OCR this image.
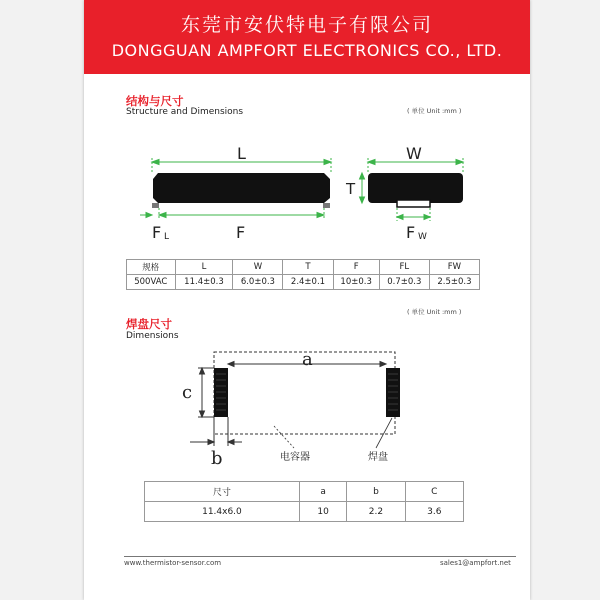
东莞市安伏特电子有限公司
DONGGUAN AMPFORT ELECTRONICS CO., LTD.
结构与尺寸
Structure and Dimensions	( 单位 Unit :mm )
L
F
F L
W
T
F W
规格	L	W	T	F	FL	FW
500VAC	11.4±0.3	6.0±0.3	2.4±0.1	10±0.3	0.7±0.3	2.5±0.3
( 单位 Unit :mm )
焊盘尺寸
Dimensions
a
c
b	电容器	焊盘
尺寸	a	b	C
11.4x6.0	10	2.2	3.6
www.thermistor-sensor.com	sales1@ampfort.net
